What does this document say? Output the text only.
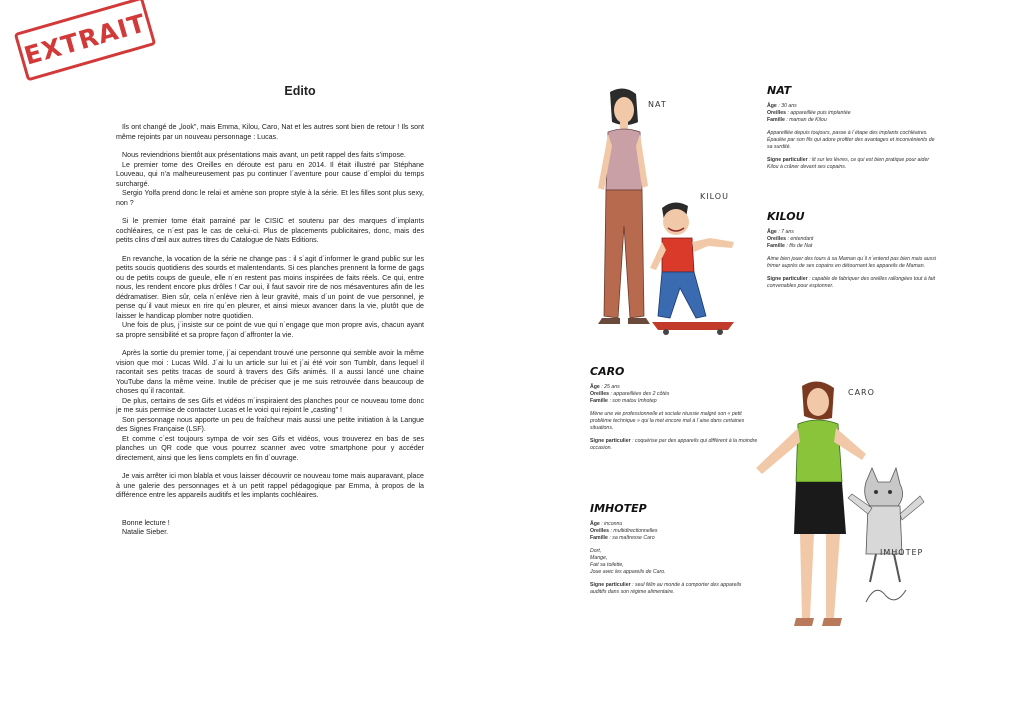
EXTRAIT
Edito

Ils ont changé de „look”, mais Emma, Kilou, Caro, Nat et les autres sont bien de retour ! Ils sont même rejoints par un nouveau personnage : Lucas.

Nous reviendrions bientôt aux présentations mais avant, un petit rappel des faits s’impose.

Le premier tome des Oreilles en déroute est paru en 2014. Il était illustré par Stéphane Louveau, qui n’a malheureusement pas pu continuer l´aventure pour cause d´emploi du temps surchargé.

Sergio Yolfa prend donc le relai et amène son propre style à la série. Et les filles sont plus sexy, non ?

Si le premier tome était parrainé par le CISIC et soutenu par des marques d´implants cochléaires, ce n´est pas le cas de celui-ci. Plus de placements publicitaires, donc, mais des petits clins d’œil aux autres titres du Catalogue de Nats Editions.

En revanche, la vocation de la série ne change pas : il s´agit d´informer le grand public sur les petits soucis quotidiens des sourds et malentendants. Si ces planches prennent la forme de gags ou de petits coups de gueule, elle n´en restent pas moins inspirées de faits réels. Ce qui, entre nous, les rendent encore plus drôles ! Car oui, il faut savoir rire de nos mésaventures afin de les dédramatiser. Bien sûr, cela n´enlève rien à leur gravité, mais d´un point de vue personnel, je pense qu´il vaut mieux en rire qu´en pleurer, et ainsi mieux avancer dans la vie, plutôt que de laisser le handicap plomber notre quotidien.

Une fois de plus, j´insiste sur ce point de vue qui n´engage que mon propre avis, chacun ayant sa propre sensibilité et sa propre façon d´affronter la vie.

Après la sortie du premier tome, j´ai cependant trouvé une personne qui semble avoir la même vision que moi : Lucas Wild. J´ai lu un article sur lui et j´ai été voir son Tumblr, dans lequel il racontait ses petits tracas de sourd à travers des Gifs animés. Il a aussi lancé une chaine YouTube dans la même veine. Inutile de préciser que je me suis retrouvée dans beaucoup de choses qu´il racontait.

De plus, certains de ses Gifs et vidéos m´inspiraient des planches pour ce nouveau tome donc je me suis permise de contacter Lucas et le voici qui rejoint le „casting” !

Son personnage nous apporte un peu de fraîcheur mais aussi une petite initiation à la Langue des Signes Française (LSF).

Et comme c´est toujours sympa de voir ses Gifs et vidéos, vous trouverez en bas de ses planches un QR code que vous pourrez scanner avec votre smartphone pour y accéder directement, ainsi que les liens complets en fin d´ouvrage.

Je vais arrêter ici mon blabla et vous laisser découvrir ce nouveau tome mais auparavant, place à une galerie des personnages et à un petit rappel pédagogique par Emma, à propos de la différence entre les appareils auditifs et les implants cochléaires.

Bonne lecture !

Natalie Sieber.

NAT

Âge : 30 ans

Oreilles : appareillée puis implantée

Famille : maman de Kilou

Appareillée depuis toujours, passe à l´étape des implants cochléaires. Épaulée par son fils qui adore profiter des avantages et inconvénients de sa surdité.

Signe particulier : lit sur les lèvres, ce qui est bien pratique pour aider Kilou à crâner devant ses copains.

KILOU

Âge : 7 ans

Oreilles : entendant

Famille : fils de Nat

Aime bien jouer des tours à sa Maman qu´il n´entend pas bien mais aussi frimer auprès de ses copains en détournant les appareils de Maman.

Signe particulier : capable de fabriquer des oreilles rallongées tout à fait convenables pour espionner.

CARO

Âge : 25 ans

Oreilles : appareillées des 2 côtés

Famille : son matou Imhotep

Mène une vie professionnelle et sociale réussie malgré son « petit problème technique » qui la met encore mal à l´aise dans certaines situations.

Signe particulier : coquérise par des appareils qui diffèrent à la moindre occasion.

IMHOTEP

Âge : inconnu

Oreilles : multidirectionnelles

Famille : sa maîtresse Caro

Dort,

Mange,

Fait sa toilette,

Joue avec les appareils de Caro.

Signe particulier : seul félin au monde à comporter des appareils auditifs dans son régime alimentaire.

NAT
KILOU
CARO
IMHOTEP
